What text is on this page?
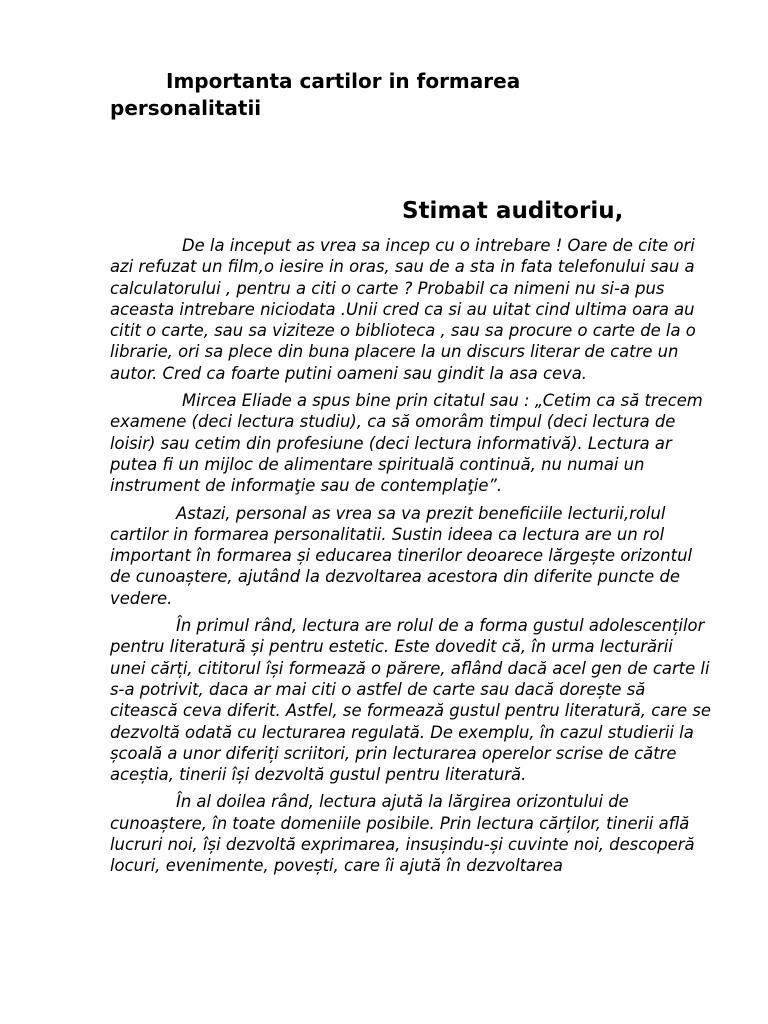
Importanta cartilor in formarea personalitatii
Stimat auditoriu,

De la inceput as vrea sa incep cu o intrebare ! Oare de cite ori azi refuzat un film,o iesire in oras, sau de a sta in fata telefonului sau a calculatorului , pentru a citi o carte ? Probabil ca nimeni nu si-a pus aceasta intrebare niciodata .Unii cred ca si au uitat cind ultima oara au citit o carte, sau sa viziteze o biblioteca , sau sa procure o carte de la o librarie, ori sa plece din buna placere la un discurs literar de catre un autor. Cred ca foarte putini oameni sau gindit la asa ceva.

Mircea Eliade a spus bine prin citatul sau : „Cetim ca să trecem examene (deci lectura studiu), ca să omorâm timpul (deci lectura de loisir) sau cetim din profesiune (deci lectura informativă). Lectura ar putea fi un mijloc de alimentare spirituală continuă, nu numai un instrument de informaţie sau de contemplaţie”.

Astazi, personal as vrea sa va prezit beneficiile lecturii,rolul cartilor in formarea personalitatii. Sustin ideea ca lectura are un rol important în formarea și educarea tinerilor deoarece lărgește orizontul de cunoaștere, ajutând la dezvoltarea acestora din diferite puncte de vedere.

În primul rând, lectura are rolul de a forma gustul adolescenților pentru literatură și pentru estetic. Este dovedit că, în urma lecturării unei cărți, cititorul își formează o părere, aflând dacă acel gen de carte li s-a potrivit, daca ar mai citi o astfel de carte sau dacă dorește să citească ceva diferit. Astfel, se formează gustul pentru literatură, care se dezvoltă odată cu lecturarea regulată. De exemplu, în cazul studierii la școală a unor diferiți scriitori, prin lecturarea operelor scrise de către aceștia, tinerii își dezvoltă gustul pentru literatură.

În al doilea rând, lectura ajută la lărgirea orizontului de cunoaștere, în toate domeniile posibile. Prin lectura cărților, tinerii află lucruri noi, își dezvoltă exprimarea, insușindu-și cuvinte noi, descoperă locuri, evenimente, povești, care îi ajută în dezvoltarea
